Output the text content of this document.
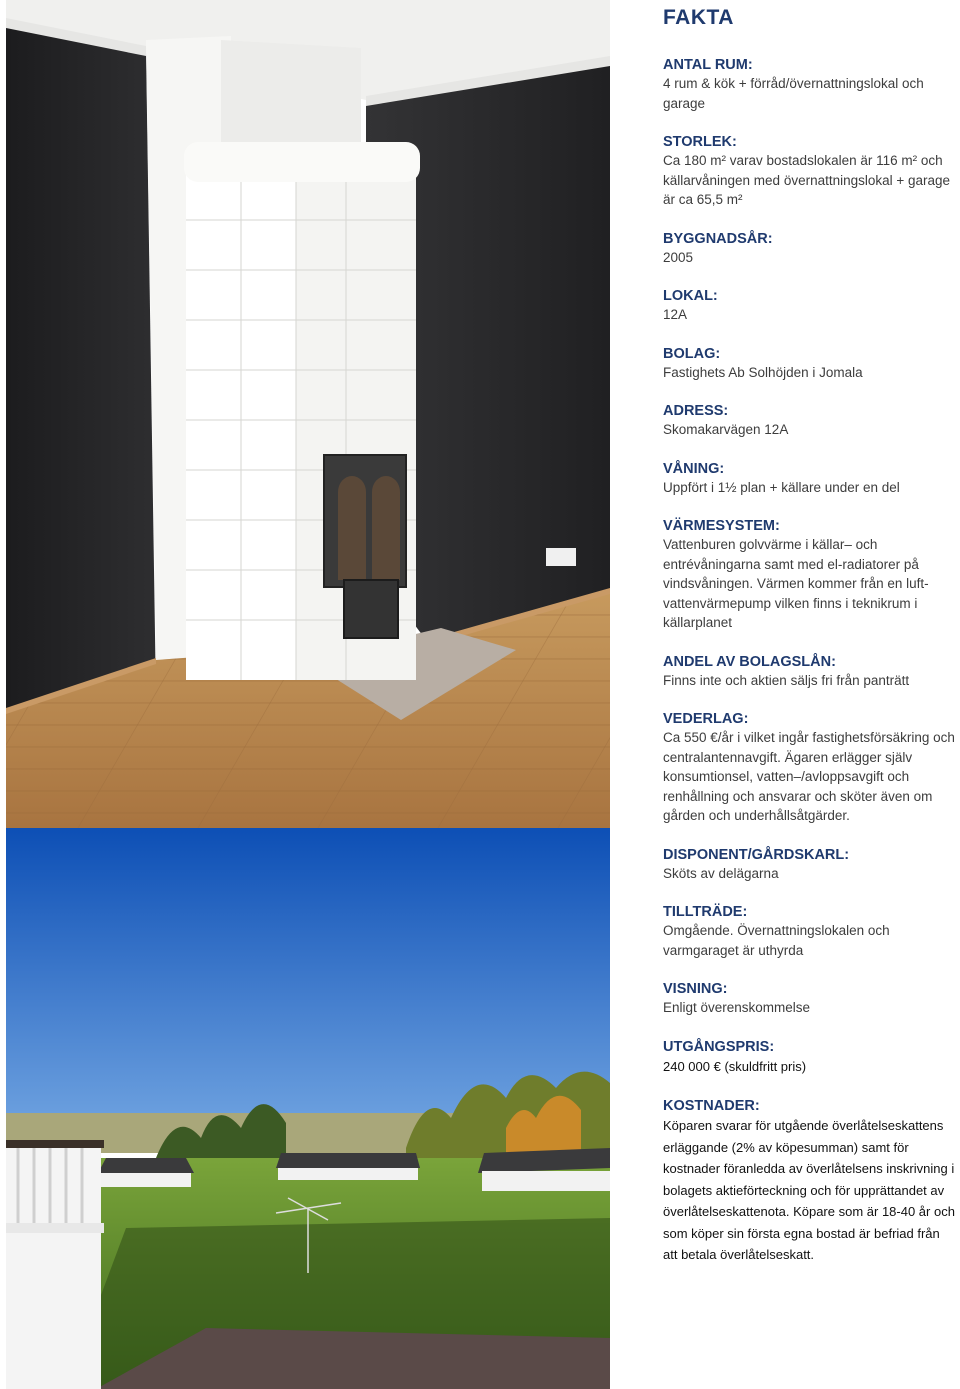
FAKTA
ANTAL RUM:
4 rum & kök + förråd/övernattningslokal och garage
STORLEK:
Ca 180 m² varav bostadslokalen är 116 m² och källarvåningen med övernattningslokal + garage är ca 65,5 m²
BYGGNADSÅR:
2005
LOKAL:
12A
BOLAG:
Fastighets Ab Solhöjden i Jomala
ADRESS:
Skomakarvägen 12A
VÅNING:
Uppfört i 1½ plan + källare under en del
VÄRMESYSTEM:
Vattenburen golvvärme i källar– och entrévåningarna samt med el-radiatorer på vindsvåningen. Värmen kommer från en luft-vattenvärmepump vilken finns i teknikrum i källarplanet
ANDEL AV BOLAGSLÅN:
Finns inte och aktien säljs fri från panträtt
VEDERLAG:
Ca 550 €/år i vilket ingår fastighetsförsäkring och centralantennavgift. Ägaren erlägger själv konsumtionsel, vatten–/avloppsavgift och renhållning och ansvarar och sköter även om gården och underhållsåtgärder.
DISPONENT/GÅRDSKARL:
Sköts av delägarna
TILLTRÄDE:
Omgående. Övernattningslokalen och varmgaraget är uthyrda
VISNING:
Enligt överenskommelse
UTGÅNGSPRIS:
240 000 € (skuldfritt pris)
KOSTNADER:
Köparen svarar för utgående överlåtelseskattens erläggande (2% av köpesumman) samt för kostnader föranledda av överlåtelsens inskrivning i bolagets aktieförteckning och för upprättandet av överlåtelseskattenota. Köpare som är 18-40 år och som köper sin första egna bostad är befriad från att betala överlåtelseskatt.
